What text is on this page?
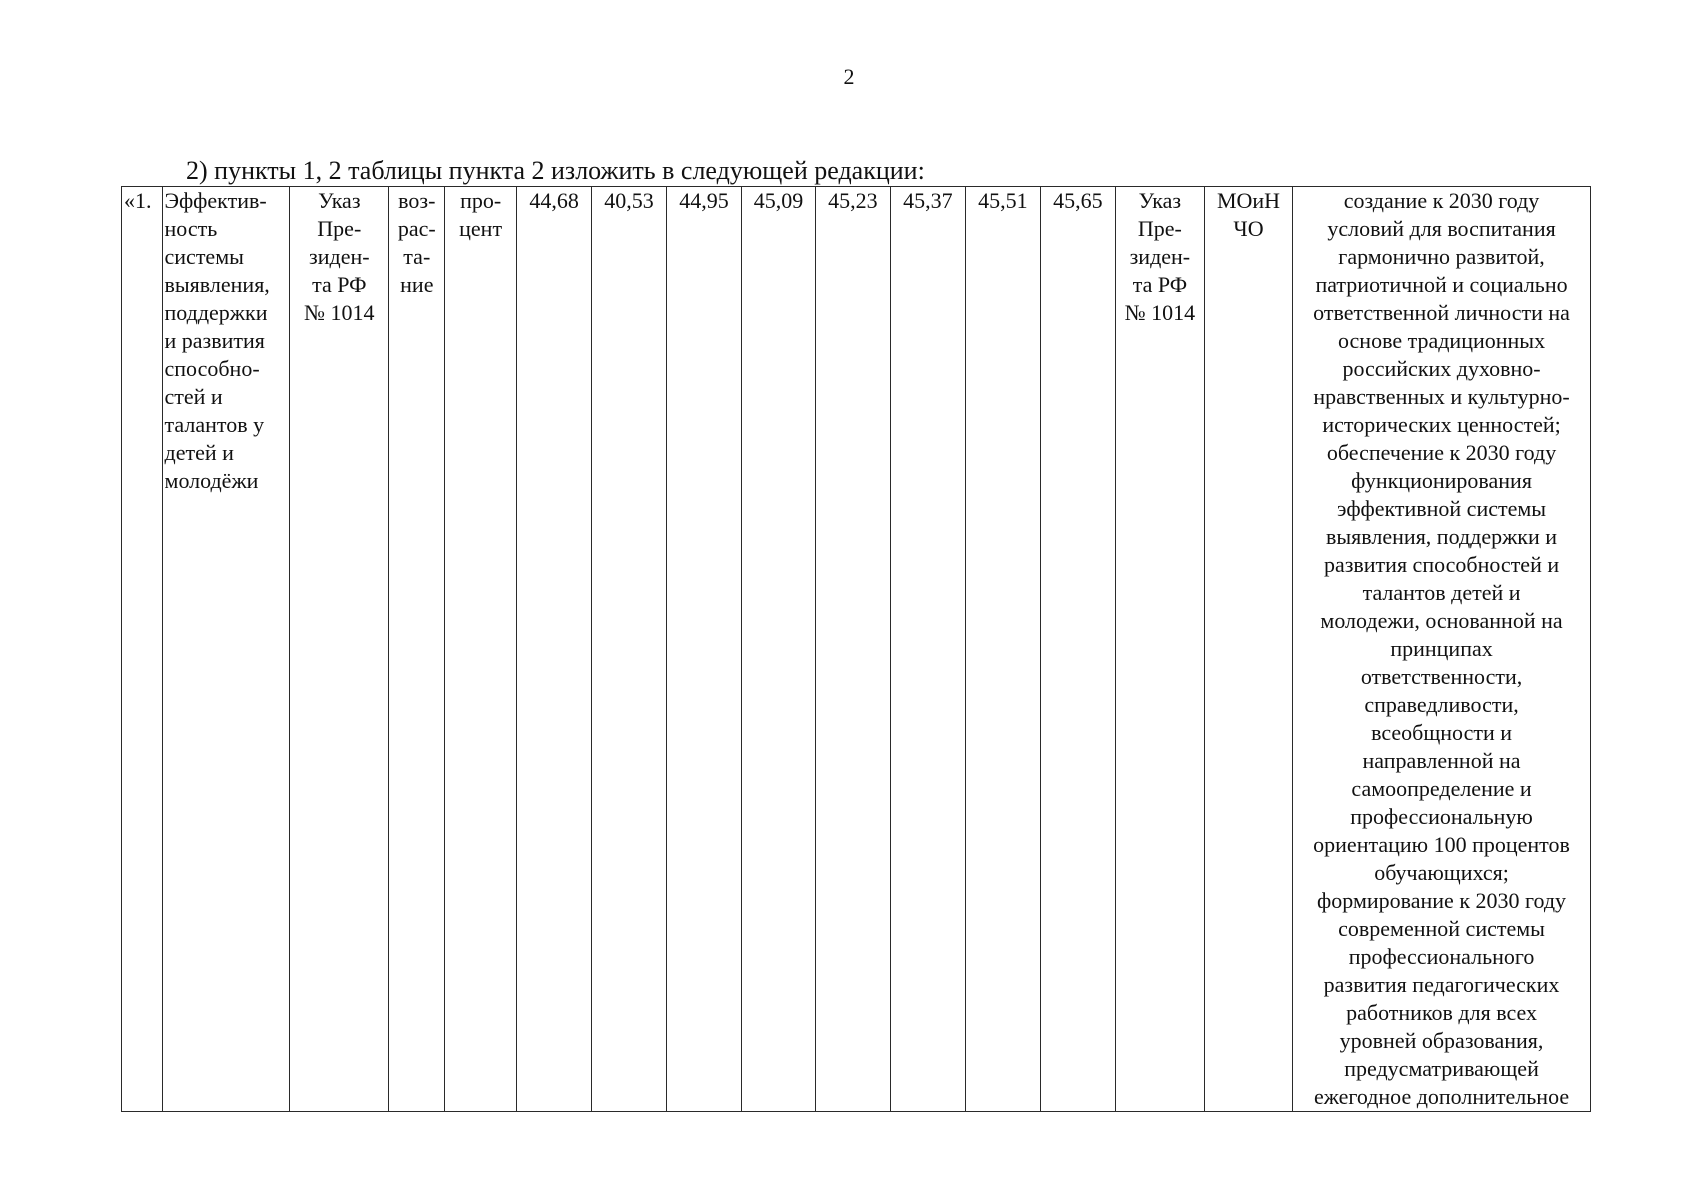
2
2) пункты 1, 2 таблицы пункта 2 изложить в следующей редакции:
«1.	Эффектив-
ность
системы
выявления,
поддержки
и развития
способно-
стей и
талантов у
детей и
молодёжи	Указ
Пре-
зиден-
та РФ
№ 1014	воз-
рас-
та-
ние	про-
цент	44,68	40,53	44,95	45,09	45,23	45,37	45,51	45,65	Указ
Пре-
зиден-
та РФ
№ 1014	МОиН
ЧО	создание к 2030 году
условий для воспитания
гармонично развитой,
патриотичной и социально
ответственной личности на
основе традиционных
российских духовно-
нравственных и культурно-
исторических ценностей;
обеспечение к 2030 году
функционирования
эффективной системы
выявления, поддержки и
развития способностей и
талантов детей и
молодежи, основанной на
принципах
ответственности,
справедливости,
всеобщности и
направленной на
самоопределение и
профессиональную
ориентацию 100 процентов
обучающихся;
формирование к 2030 году
современной системы
профессионального
развития педагогических
работников для всех
уровней образования,
предусматривающей
ежегодное дополнительное
